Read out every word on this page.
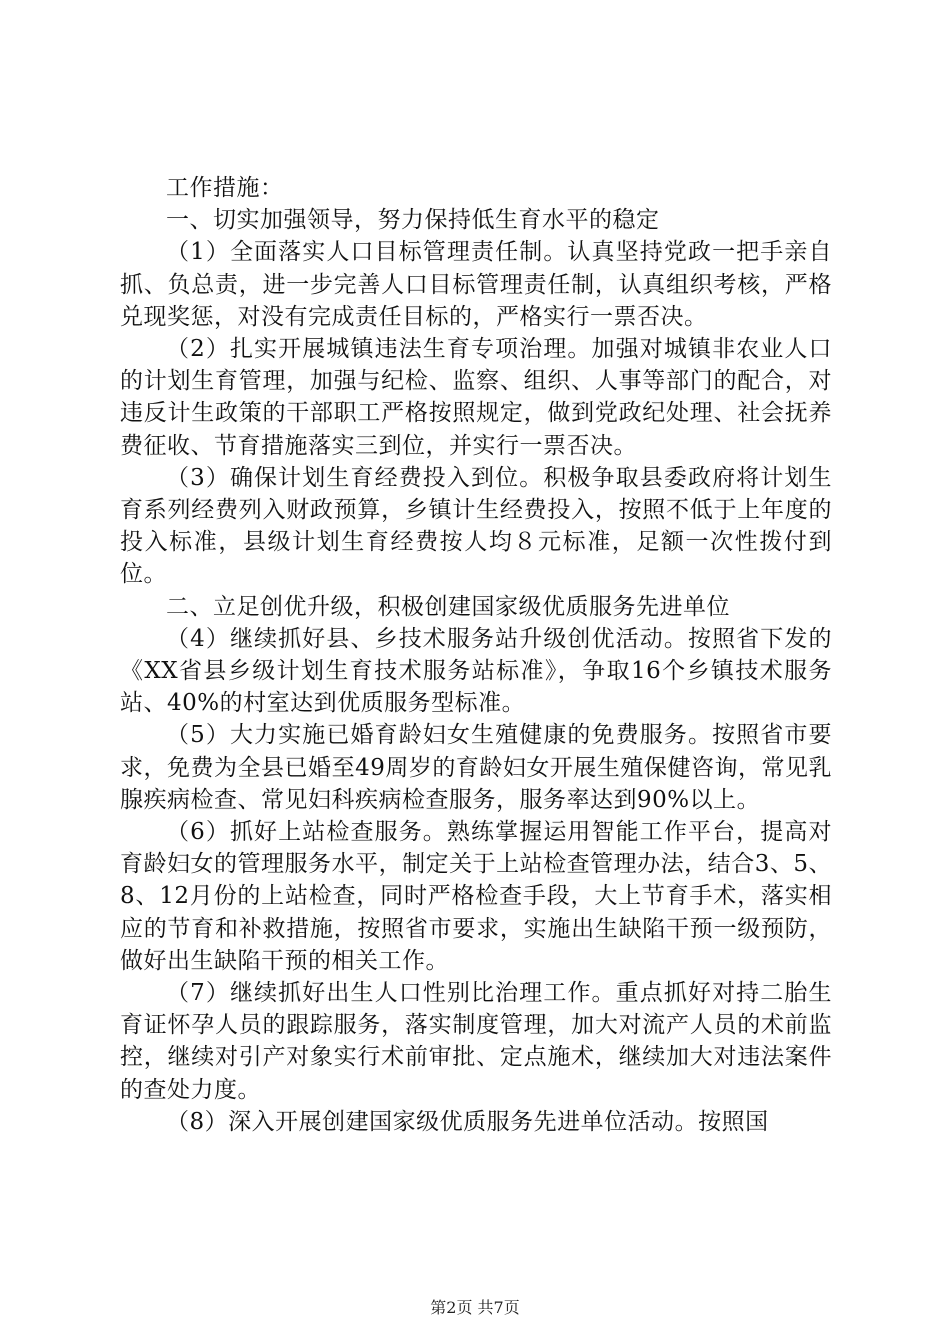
工作措施：

一、切实加强领导，努力保持低生育水平的稳定

（1）全面落实人口目标管理责任制。认真坚持党政一把手亲自抓、负总责，进一步完善人口目标管理责任制，认真组织考核，严格兑现奖惩，对没有完成责任目标的，严格实行一票否决。

（2）扎实开展城镇违法生育专项治理。加强对城镇非农业人口的计划生育管理，加强与纪检、监察、组织、人事等部门的配合，对违反计生政策的干部职工严格按照规定，做到党政纪处理、社会抚养费征收、节育措施落实三到位，并实行一票否决。

（3）确保计划生育经费投入到位。积极争取县委政府将计划生育系列经费列入财政预算，乡镇计生经费投入，按照不低于上年度的投入标准，县级计划生育经费按人均８元标准，足额一次性拨付到位。

二、立足创优升级，积极创建国家级优质服务先进单位

（4）继续抓好县、乡技术服务站升级创优活动。按照省下发的《XX省县乡级计划生育技术服务站标准》，争取16个乡镇技术服务站、40%的村室达到优质服务型标准。

（5）大力实施已婚育龄妇女生殖健康的免费服务。按照省市要求，免费为全县已婚至49周岁的育龄妇女开展生殖保健咨询，常见乳腺疾病检查、常见妇科疾病检查服务，服务率达到90%以上。

（6）抓好上站检查服务。熟练掌握运用智能工作平台，提高对育龄妇女的管理服务水平，制定关于上站检查管理办法，结合3、5、8、12月份的上站检查，同时严格检查手段，大上节育手术，落实相应的节育和补救措施，按照省市要求，实施出生缺陷干预一级预防，做好出生缺陷干预的相关工作。

（7）继续抓好出生人口性别比治理工作。重点抓好对持二胎生育证怀孕人员的跟踪服务，落实制度管理，加大对流产人员的术前监控，继续对引产对象实行术前审批、定点施术，继续加大对违法案件的查处力度。

（8）深入开展创建国家级优质服务先进单位活动。按照国

第2页 共7页
